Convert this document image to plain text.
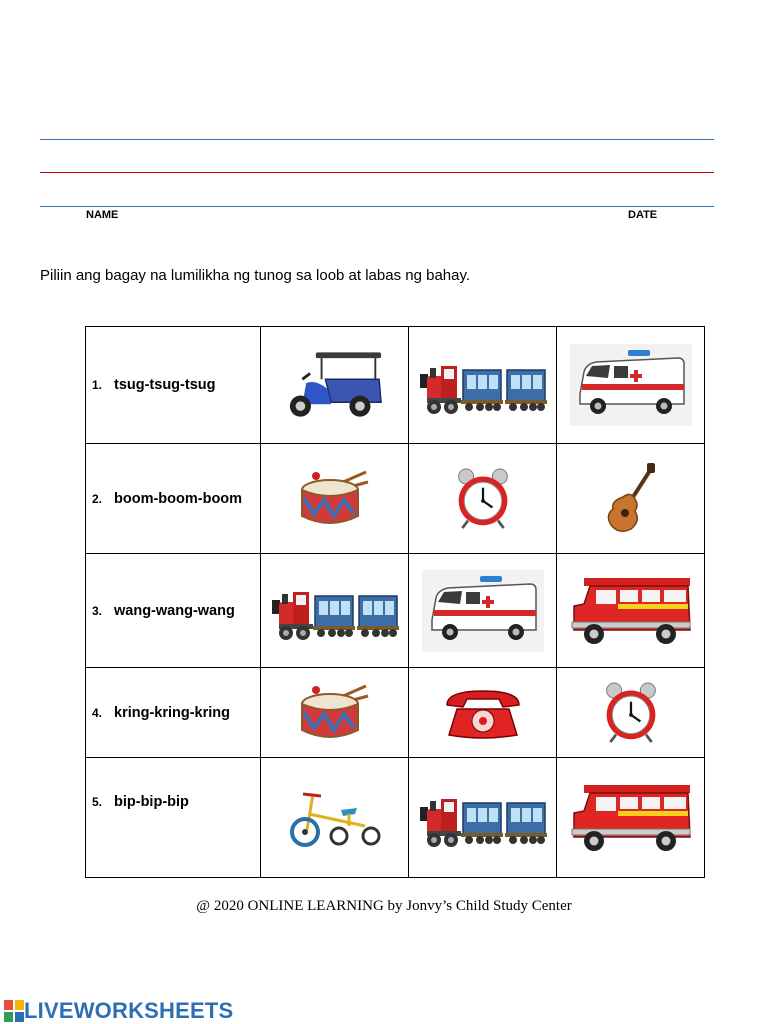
NAME	DATE
Piliin ang bagay na lumilikha ng tunog sa loob at labas ng bahay.
1. tsug-tsug-tsug	

2. boom-boom-boom	

3. wang-wang-wang	

4. kring-kring-kring	

5. bip-bip-bip	

@ 2020 ONLINE LEARNING by Jonvy’s Child Study Center
LIVEWORKSHEETS
